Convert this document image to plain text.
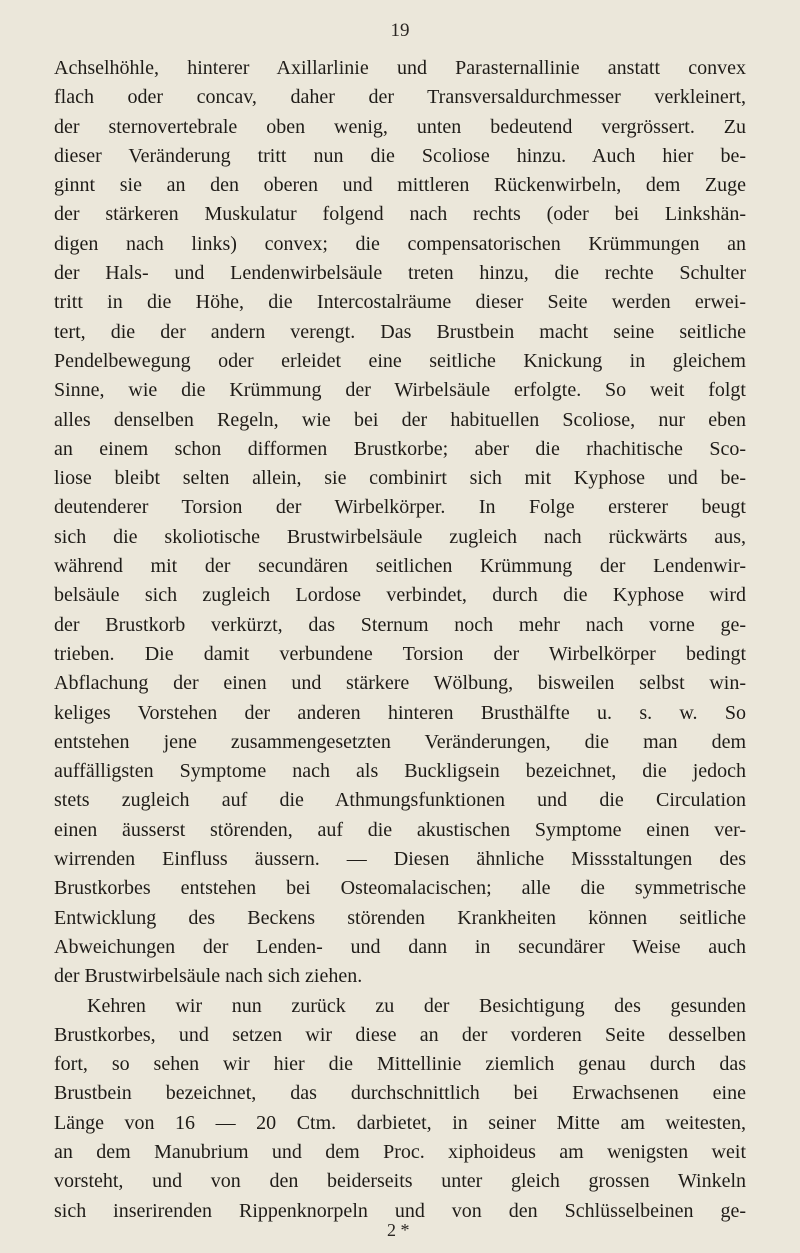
19
Achselhöhle, hinterer Axillarlinie und Parasternallinie anstatt convex
flach oder concav, daher der Transversaldurchmesser verkleinert,
der sternovertebrale oben wenig, unten bedeutend vergrössert. Zu
dieser Veränderung tritt nun die Scoliose hinzu. Auch hier be-
ginnt sie an den oberen und mittleren Rückenwirbeln, dem Zuge
der stärkeren Muskulatur folgend nach rechts (oder bei Linkshän-
digen nach links) convex; die compensatorischen Krümmungen an
der Hals- und Lendenwirbelsäule treten hinzu, die rechte Schulter
tritt in die Höhe, die Intercostalräume dieser Seite werden erwei-
tert, die der andern verengt. Das Brustbein macht seine seitliche
Pendelbewegung oder erleidet eine seitliche Knickung in gleichem
Sinne, wie die Krümmung der Wirbelsäule erfolgte. So weit folgt
alles denselben Regeln, wie bei der habituellen Scoliose, nur eben
an einem schon difformen Brustkorbe; aber die rhachitische Sco-
liose bleibt selten allein, sie combinirt sich mit Kyphose und be-
deutenderer Torsion der Wirbelkörper. In Folge ersterer beugt
sich die skoliotische Brustwirbelsäule zugleich nach rückwärts aus,
während mit der secundären seitlichen Krümmung der Lendenwir-
belsäule sich zugleich Lordose verbindet, durch die Kyphose wird
der Brustkorb verkürzt, das Sternum noch mehr nach vorne ge-
trieben. Die damit verbundene Torsion der Wirbelkörper bedingt
Abflachung der einen und stärkere Wölbung, bisweilen selbst win-
keliges Vorstehen der anderen hinteren Brusthälfte u. s. w. So
entstehen jene zusammengesetzten Veränderungen, die man dem
auffälligsten Symptome nach als Buckligsein bezeichnet, die jedoch
stets zugleich auf die Athmungsfunktionen und die Circulation
einen äusserst störenden, auf die akustischen Symptome einen ver-
wirrenden Einfluss äussern. — Diesen ähnliche Missstaltungen des
Brustkorbes entstehen bei Osteomalacischen; alle die symmetrische
Entwicklung des Beckens störenden Krankheiten können seitliche
Abweichungen der Lenden- und dann in secundärer Weise auch
der Brustwirbelsäule nach sich ziehen.
Kehren wir nun zurück zu der Besichtigung des gesunden
Brustkorbes, und setzen wir diese an der vorderen Seite desselben
fort, so sehen wir hier die Mittellinie ziemlich genau durch das
Brustbein bezeichnet, das durchschnittlich bei Erwachsenen eine
Länge von 16 — 20 Ctm. darbietet, in seiner Mitte am weitesten,
an dem Manubrium und dem Proc. xiphoideus am wenigsten weit
vorsteht, und von den beiderseits unter gleich grossen Winkeln
sich inserirenden Rippenknorpeln und von den Schlüsselbeinen ge-
2 *
